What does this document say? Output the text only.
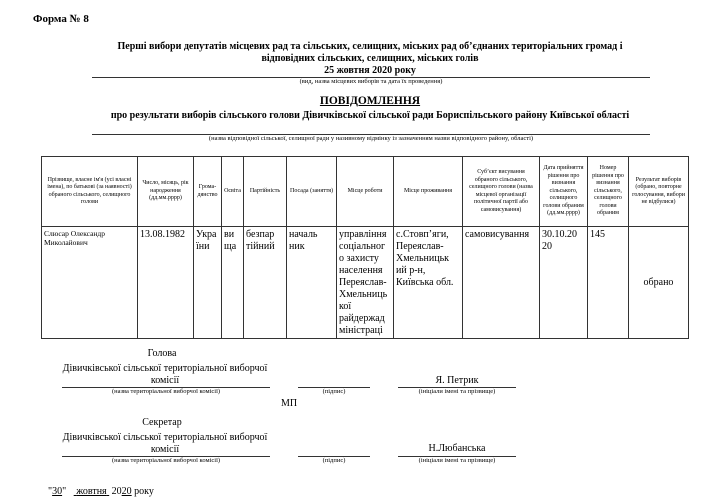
Форма № 8
Перші вибори депутатів місцевих рад та сільських, селищних, міських рад об’єднаних територіальних громад і
відповідних сільських, селищних, міських голів
25 жовтня 2020 року
(вид, назва місцевих виборів та дата їх проведення)
ПОВІДОМЛЕННЯ
про результати виборів сільського голови Дівичківської сільської ради Бориспільського району Київської області
(назва відповідної сільської, селищної ради у називному відмінку із зазначенням назви відповідного району, області)
Прізвище, власне ім'я (усі власні імена), по батькові (за наявності) обраного сільського, селищного голови	Число, місяць, рік народження (дд.мм.рррр)	Грома-дянство	Освіта	Партійність	Посада (заняття)	Місце роботи	Місце проживання	Суб’єкт висування обраного сільського, селищного голови (назва місцевої організації політичної партії або самовисування)	Дата прийняття рішення про визнання сільського, селищного голови обраним (дд.мм.рррр)	Номер рішення про визнання сільського, селищного голови обраним	Результат виборів (обрано, повторне голосування, вибори не відбулися)
Слюсар Олександр Миколайович	13.08.1982	Укра їни	ви ща	безпар тійний	началь ник	управління соціальног о захисту населення Переяслав-Хмельниць кої райдержад міністраці	с.Стовп’яги, Переяслав-Хмельницьк ий р-н, Київська обл.	самовисування	30.10.20 20	145	обрано
Голова
Дівичківської сільської територіальної виборчої комісії
(назва територіальної виборчої комісії)	(підпис)
Я. Петрик
(ініціали імені та прізвище)
МП
Секретар
Дівичківської сільської територіальної виборчої комісії
(назва територіальної виборчої комісії)	(підпис)
Н.Любанська
(ініціали імені та прізвище)
"30"    жовтня 2020 року
